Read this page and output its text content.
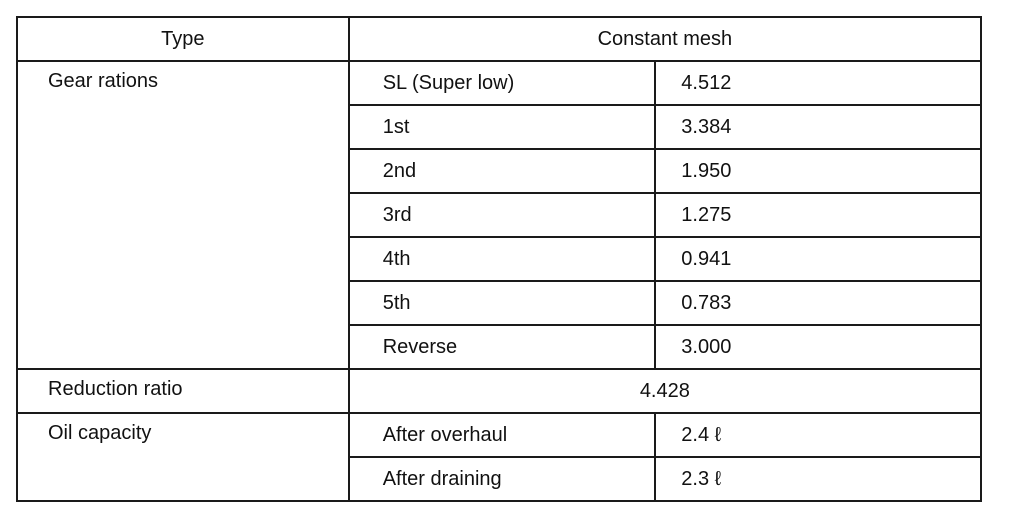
Type	Constant mesh	
Gear rations	SL (Super low)	4.512
	1st	3.384
	2nd	1.950
	3rd	1.275
	4th	0.941
	5th	0.783
	Reverse	3.000
Reduction ratio	4.428	
Oil capacity	After overhaul	2.4 ℓ
	After draining	2.3 ℓ
